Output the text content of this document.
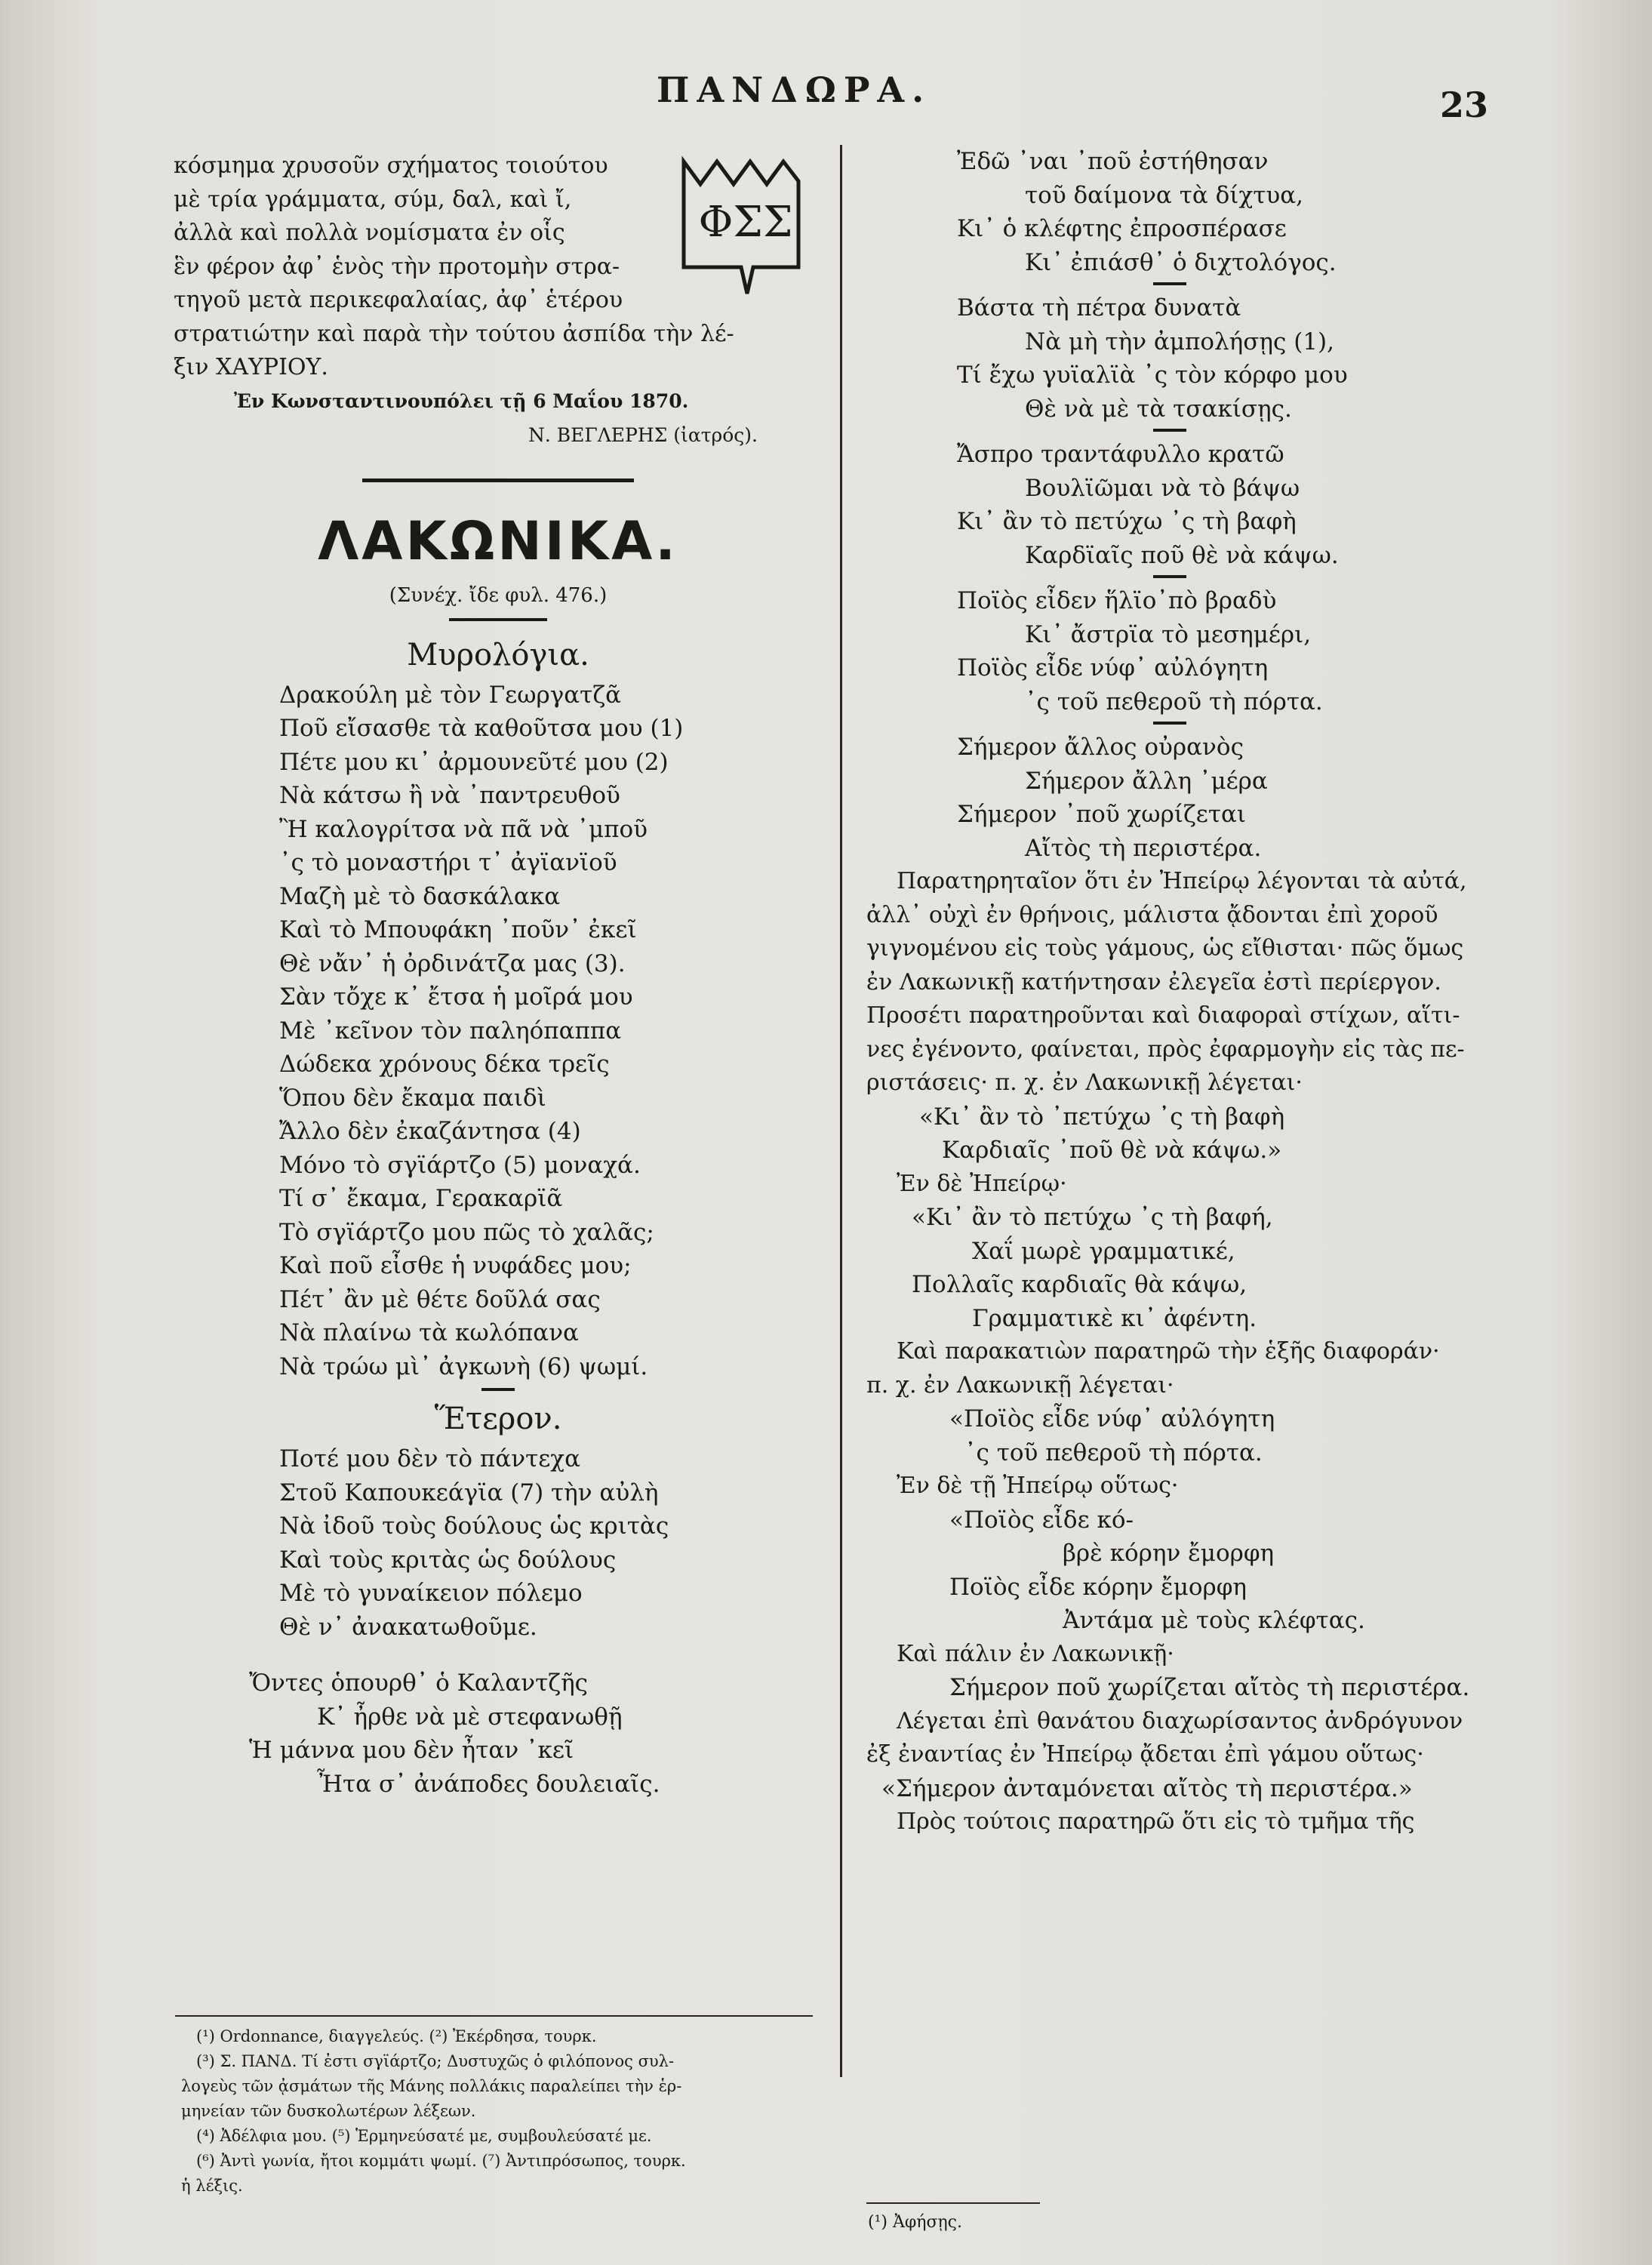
ΠΑΝΔΩΡΑ.	23
ΦΣΣ
κόσμημα χρυσοῦν σχήματος τοιούτου
μὲ τρία γράμματα, σύμ, δαλ, καὶ ἴ,
ἀλλὰ καὶ πολλὰ νομίσματα ἐν οἷς
ἓν φέρον ἀφ᾽ ἑνὸς τὴν προτομὴν στρα-
τηγοῦ μετὰ περικεφαλαίας, ἀφ᾽ ἑτέρου
στρατιώτην καὶ παρὰ τὴν τούτου ἀσπίδα τὴν λέ-
ξιν ΧΑΥΡΙΟΥ.
Ἐν Κωνσταντινουπόλει τῇ 6 Μαΐου 1870.
Ν. ΒΕΓΛΕΡΗΣ (ἰατρός).
ΛΑΚΩΝΙΚΑ.
(Συνέχ. ἴδε φυλ. 476.)
Μυρολόγια.
Δρακούλη μὲ τὸν Γεωργατζᾶ
Ποῦ εἴσασθε τὰ καθοῦτσα μου (1)
Πέτε μου κι᾽ ἀρμουνεῦτέ μου (2)
Νὰ κάτσω ἢ νὰ ᾽παντρευθοῦ
Ἢ καλογρίτσα νὰ πᾶ νὰ ᾽μποῦ
᾽ς τὸ μοναστήρι τ᾽ ἀγϊανϊοῦ
Μαζὴ μὲ τὸ δασκάλακα
Καὶ τὸ Μπουφάκη ᾽ποῦν᾽ ἐκεῖ
Θὲ νἄν᾽ ἡ ὀρδινάτζα μας (3).
Σὰν τὄχε κ᾽ ἔτσα ἡ μοῖρά μου
Μὲ ᾽κεῖνον τὸν παληόπαππα
Δώδεκα χρόνους δέκα τρεῖς
Ὅπου δὲν ἔκαμα παιδὶ
Ἄλλο δὲν ἐκαζάντησα (4)
Μόνο τὸ σγϊάρτζο (5) μοναχά.
Τί σ᾽ ἔκαμα, Γερακαρϊᾶ
Τὸ σγϊάρτζο μου πῶς τὸ χαλᾶς;
Καὶ ποῦ εἶσθε ἡ νυφάδες μου;
Πέτ᾽ ἂν μὲ θέτε δοῦλά σας
Νὰ πλαίνω τὰ κωλόπανα
Νὰ τρώω μὶ᾽ ἀγκωνὴ (6) ψωμί.
Ἕτερον.
Ποτέ μου δὲν τὸ πάντεχα
Στοῦ Καπουκεάγϊα (7) τὴν αὐλὴ
Νὰ ἰδοῦ τοὺς δούλους ὡς κριτὰς
Καὶ τοὺς κριτὰς ὡς δούλους
Μὲ τὸ γυναίκειον πόλεμο
Θὲ ν᾽ ἀνακατωθοῦμε.
Ὄντες ὁπουρθ᾽ ὁ Καλαντζῆς
Κ᾽ ἦρθε νὰ μὲ στεφανωθῇ
Ἡ μάννα μου δὲν ἦταν ᾽κεῖ
Ἦτα σ᾽ ἀνάποδες δουλειαῖς.
(¹) Ordonnance, διαγγελεύς. (²) Ἐκέρδησα, τουρκ.
(³) Σ. ΠΑΝΔ. Τί ἐστι σγϊάρτζο; Δυστυχῶς ὁ φιλόπονος συλ-
λογεὺς τῶν ᾀσμάτων τῆς Μάνης πολλάκις παραλείπει τὴν ἑρ-
μηνείαν τῶν δυσκολωτέρων λέξεων.
(⁴) Ἀδέλφια μου. (⁵) Ἑρμηνεύσατέ με, συμβουλεύσατέ με.
(⁶) Ἀντὶ γωνία, ἤτοι κομμάτι ψωμί. (⁷) Ἀντιπρόσωπος, τουρκ.
ἡ λέξις.
Ἐδῶ ᾽ναι ᾽ποῦ ἐστήθησαν
τοῦ δαίμονα τὰ δίχτυα,
Κι᾽ ὁ κλέφτης ἐπροσπέρασε
Κι᾽ ἐπιάσθ᾽ ὁ διχτολόγος.
Βάστα τὴ πέτρα δυνατὰ
Νὰ μὴ τὴν ἀμπολήσῃς (1),
Τί ἔχω γυϊαλϊὰ ᾽ς τὸν κόρφο μου
Θὲ νὰ μὲ τὰ τσακίσῃς.
Ἄσπρο τραντάφυλλο κρατῶ
Βουλϊῶμαι νὰ τὸ βάψω
Κι᾽ ἂν τὸ πετύχω ᾽ς τὴ βαφὴ
Καρδϊαῖς ποῦ θὲ νὰ κάψω.
Ποϊὸς εἶδεν ἥλϊο᾽πὸ βραδὺ
Κι᾽ ἄστρϊα τὸ μεσημέρι,
Ποϊὸς εἶδε νύφ᾽ αὐλόγητη
᾽ς τοῦ πεθεροῦ τὴ πόρτα.
Σήμερον ἄλλος οὐρανὸς
Σήμερον ἄλλη ᾽μέρα
Σήμερον ᾽ποῦ χωρίζεται
Αἴτὸς τὴ περιστέρα.
Παρατηρηταῖον ὅτι ἐν Ἠπείρῳ λέγονται τὰ αὐτά,
ἀλλ᾽ οὐχὶ ἐν θρήνοις, μάλιστα ᾄδονται ἐπὶ χοροῦ
γιγνομένου εἰς τοὺς γάμους, ὡς εἴθισται· πῶς ὅμως
ἐν Λακωνικῇ κατήντησαν ἐλεγεῖα ἐστὶ περίεργον.
Προσέτι παρατηροῦνται καὶ διαφοραὶ στίχων, αἵτι-
νες ἐγένοντο, φαίνεται, πρὸς ἐφαρμογὴν εἰς τὰς πε-
ριστάσεις· π. χ. ἐν Λακωνικῇ λέγεται·
«Κι᾽ ἂν τὸ ᾽πετύχω ᾽ς τὴ βαφὴ
Καρδιαῖς ᾽ποῦ θὲ νὰ κάψω.»
Ἐν δὲ Ἠπείρῳ·
«Κι᾽ ἂν τὸ πετύχω ᾽ς τὴ βαφή,
Χαΐ μωρὲ γραμματικέ,
Πολλαῖς καρδιαῖς θὰ κάψω,
Γραμματικὲ κι᾽ ἀφέντη.
Καὶ παρακατιὼν παρατηρῶ τὴν ἑξῆς διαφοράν·
π. χ. ἐν Λακωνικῇ λέγεται·
«Ποϊὸς εἶδε νύφ᾽ αὐλόγητη
᾽ς τοῦ πεθεροῦ τὴ πόρτα.
Ἐν δὲ τῇ Ἠπείρῳ οὕτως·
«Ποϊὸς εἶδε κό-
βρὲ κόρην ἔμορφη
Ποϊὸς εἶδε κόρην ἔμορφη
Ἀντάμα μὲ τοὺς κλέφτας.
Καὶ πάλιν ἐν Λακωνικῇ·
Σήμερον ποῦ χωρίζεται αἴτὸς τὴ περιστέρα.
Λέγεται ἐπὶ θανάτου διαχωρίσαντος ἀνδρόγυνον
ἐξ ἐναντίας ἐν Ἠπείρῳ ᾄδεται ἐπὶ γάμου οὕτως·
«Σήμερον ἀνταμόνεται αἴτὸς τὴ περιστέρα.»
Πρὸς τούτοις παρατηρῶ ὅτι εἰς τὸ τμῆμα τῆς
(¹) Ἀφήσῃς.
